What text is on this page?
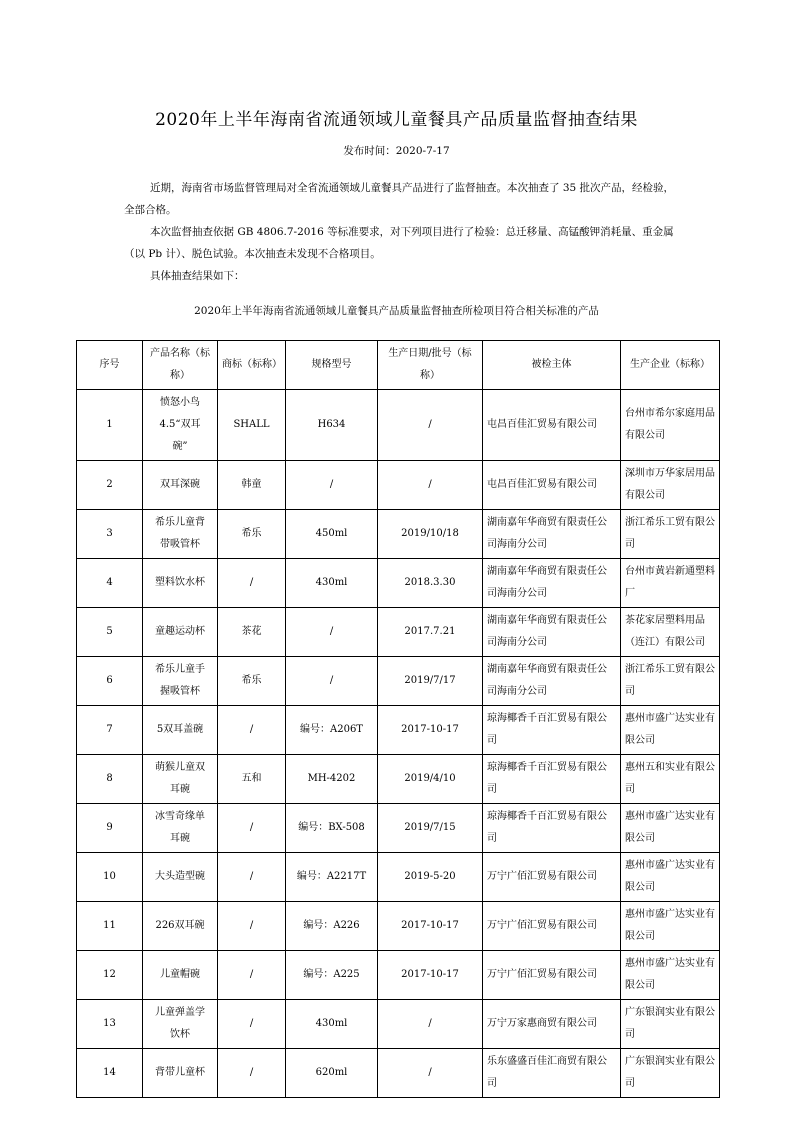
2020年上半年海南省流通领域儿童餐具产品质量监督抽查结果
发布时间：2020-7-17
近期，海南省市场监督管理局对全省流通领域儿童餐具产品进行了监督抽查。本次抽查了 35 批次产品，经检验，全部合格。
本次监督抽查依据 GB 4806.7-2016 等标准要求，对下列项目进行了检验：总迁移量、高锰酸钾消耗量、重金属（以 Pb 计）、脱色试验。本次抽查未发现不合格项目。
具体抽查结果如下：
2020年上半年海南省流通领域儿童餐具产品质量监督抽查所检项目符合相关标准的产品
序号	产品名称（标称）	商标（标称）	规格型号	生产日期/批号（标称）	被检主体	生产企业（标称）
1	愤怒小鸟 4.5“双耳碗”	SHALL	H634	/	屯昌百佳汇贸易有限公司	台州市希尔家庭用品有限公司
2	双耳深碗	韩童	/	/	屯昌百佳汇贸易有限公司	深圳市万华家居用品有限公司
3	希乐儿童背带吸管杯	希乐	450ml	2019/10/18	湖南嘉年华商贸有限责任公司海南分公司	浙江希乐工贸有限公司
4	塑料饮水杯	/	430ml	2018.3.30	湖南嘉年华商贸有限责任公司海南分公司	台州市黄岩新通塑料厂
5	童趣运动杯	茶花	/	2017.7.21	湖南嘉年华商贸有限责任公司海南分公司	茶花家居塑料用品（连江）有限公司
6	希乐儿童手握吸管杯	希乐	/	2019/7/17	湖南嘉年华商贸有限责任公司海南分公司	浙江希乐工贸有限公司
7	5双耳盖碗	/	编号：A206T	2017-10-17	琼海椰香千百汇贸易有限公司	惠州市盛广达实业有限公司
8	萌猴儿童双耳碗	五和	MH-4202	2019/4/10	琼海椰香千百汇贸易有限公司	惠州五和实业有限公司
9	冰雪奇缘单耳碗	/	编号：BX-508	2019/7/15	琼海椰香千百汇贸易有限公司	惠州市盛广达实业有限公司
10	大头造型碗	/	编号：A2217T	2019-5-20	万宁广佰汇贸易有限公司	惠州市盛广达实业有限公司
11	226双耳碗	/	编号：A226	2017-10-17	万宁广佰汇贸易有限公司	惠州市盛广达实业有限公司
12	儿童帽碗	/	编号：A225	2017-10-17	万宁广佰汇贸易有限公司	惠州市盛广达实业有限公司
13	儿童弹盖学饮杯	/	430ml	/	万宁万家惠商贸有限公司	广东银润实业有限公司
14	背带儿童杯	/	620ml	/	乐东盛盛百佳汇商贸有限公司	广东银润实业有限公司
